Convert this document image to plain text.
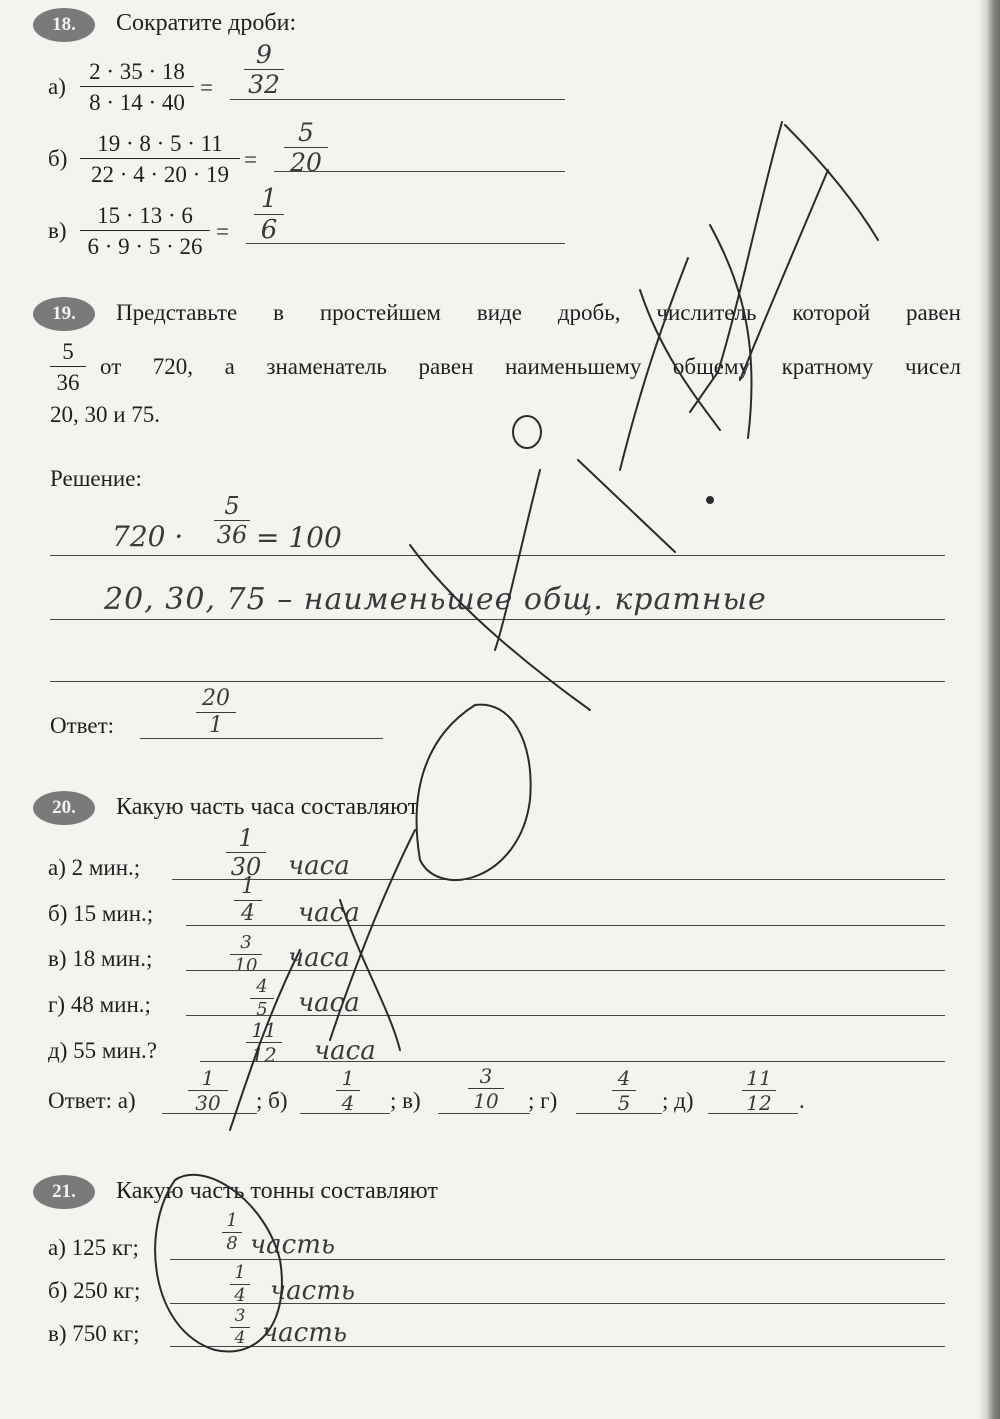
18.	Сократите дроби:
$а) \frac{2 \cdot 35 \cdot 18}{8 \cdot 14 \cdot 40} = \frac{9}{32}$
$б) \frac{19 \cdot 8 \cdot 5 \cdot 11}{22 \cdot 4 \cdot 20 \cdot 19} = \frac{5}{20}$
$в) \frac{15 \cdot 13 \cdot 6}{6 \cdot 9 \cdot 5 \cdot 26} = \frac{1}{6}$
19.	Представьте в простейшем виде дробь, числитель которой равен
$\frac{5}{36}$ от 720, а знаменатель равен наименьшему общему кратному чисел
20, 30 и 75.
Решение:
$720 \cdot \frac{5}{36} = 100$
20, 30, 75 – наименьшее общ. кратные
Ответ:	$\frac{20}{1}$
20.	Какую часть часа составляют
а) 2 мин.;	$\frac{1}{30}$ часа
б) 15 мин.;	$\frac{1}{4}$ часа
в) 18 мин.;	$\frac{3}{10}$ часа
г) 48 мин.;	$\frac{4}{5}$ часа
д) 55 мин.?	$\frac{11}{12}$ часа
Ответ: а)	$\frac{1}{30}$ ; $б) \frac{1}{4}$ ; $в) \frac{3}{10}$ ; г)	$\frac{4}{5}$ ; $д) \frac{11}{12}$ .
21.	Какую часть тонны составляют
а) 125 кг;	$\frac{1}{8}$ часть
б) 250 кг;	$\frac{1}{4}$ часть
в) 750 кг;	$\frac{3}{4}$ часть
